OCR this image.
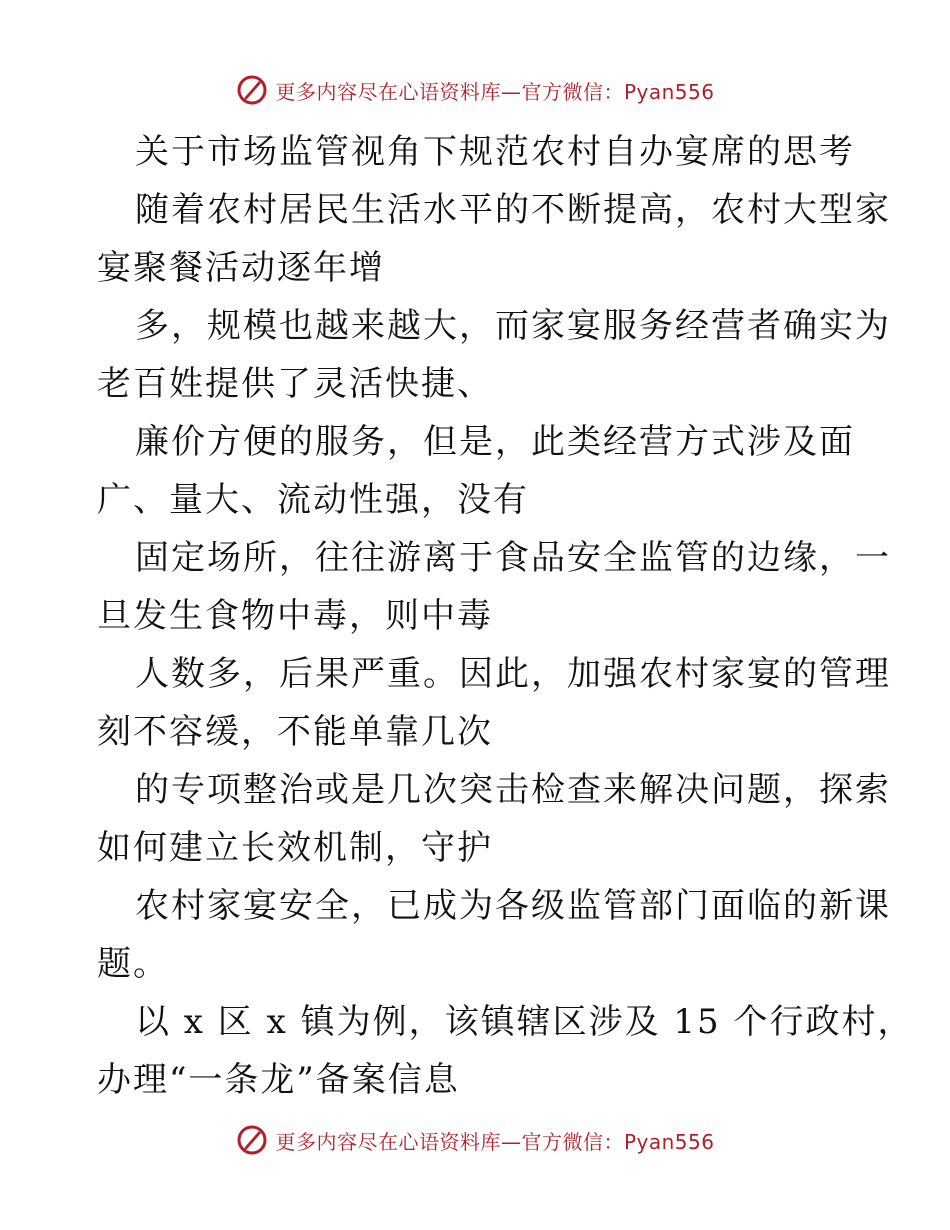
更多内容尽在心语资料库—官方微信：Pyan556
关于市场监管视角下规范农村自办宴席的思考
随着农村居民生活水平的不断提高，农村大型家
宴聚餐活动逐年增
多，规模也越来越大，而家宴服务经营者确实为
老百姓提供了灵活快捷、
廉价方便的服务，但是，此类经营方式涉及面
广、量大、流动性强，没有
固定场所，往往游离于食品安全监管的边缘，一
旦发生食物中毒，则中毒
人数多，后果严重。因此，加强农村家宴的管理
刻不容缓，不能单靠几次
的专项整治或是几次突击检查来解决问题，探索
如何建立长效机制，守护
农村家宴安全，已成为各级监管部门面临的新课
题。
以 x 区 x 镇为例，该镇辖区涉及 15 个行政村，
办理“一条龙”备案信息
更多内容尽在心语资料库—官方微信：Pyan556
